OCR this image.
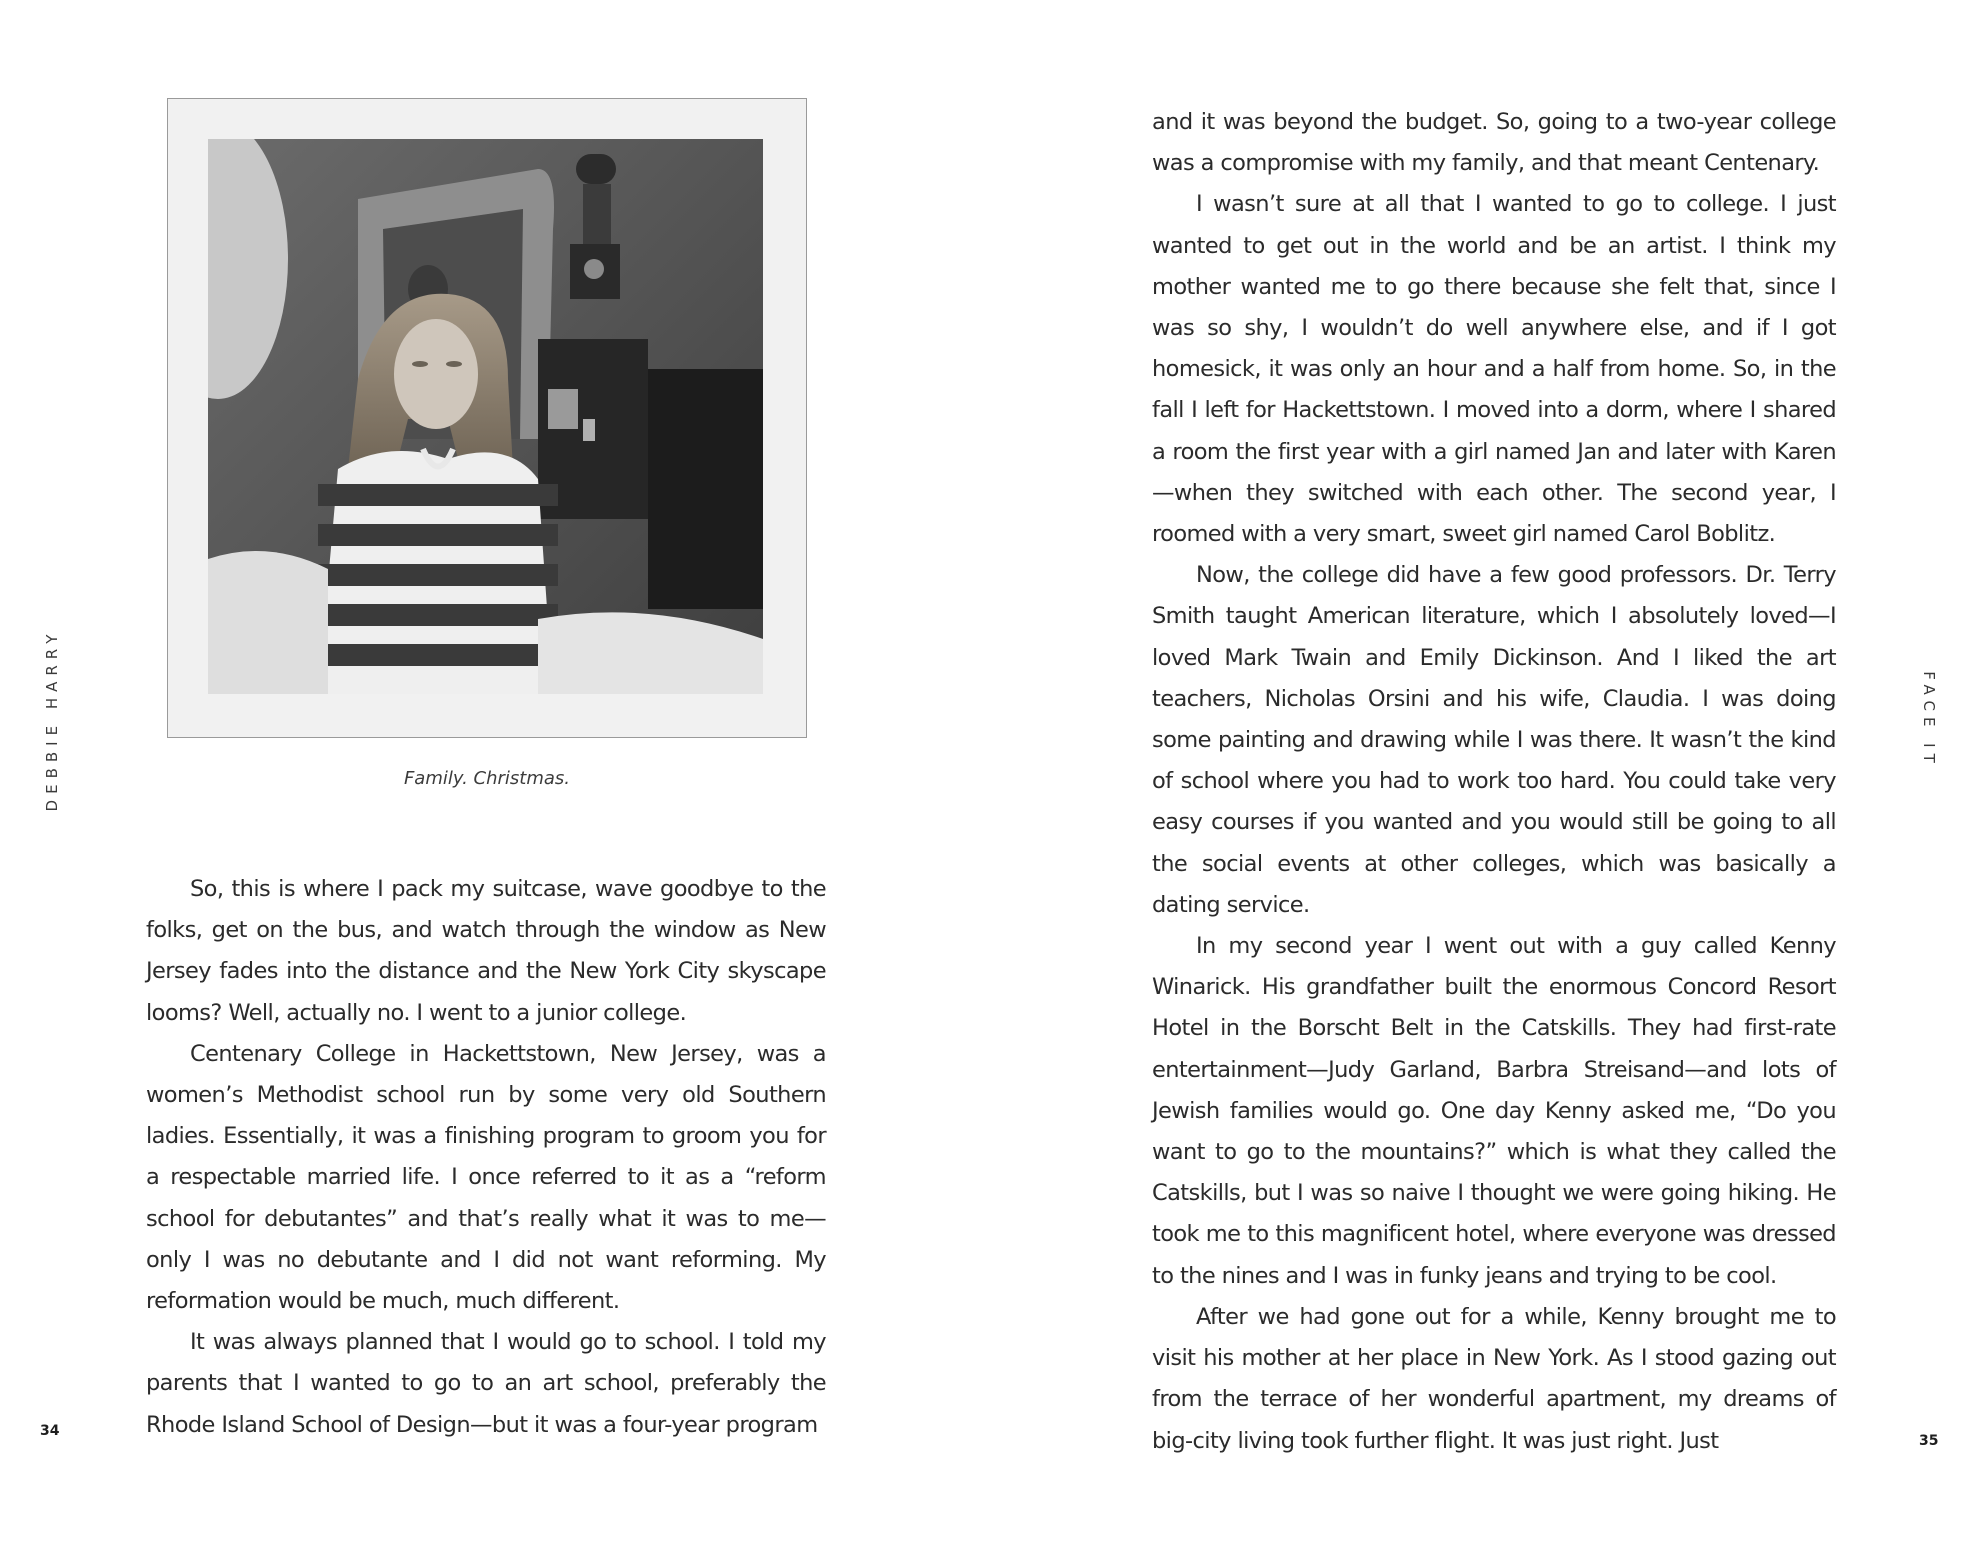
DEBBIE HARRY	Family. Christmas.

So, this is where I pack my suitcase, wave goodbye to the folks, get on the bus, and watch through the window as New Jersey fades into the distance and the New York City skyscape looms? Well, actually no. I went to a junior college.

Centenary College in Hackettstown, New Jersey, was a women’s Methodist school run by some very old Southern ladies. Essentially, it was a finishing program to groom you for a respectable married life. I once referred to it as a “reform school for debutantes” and that’s really what it was to me—only I was no debutante and I did not want reforming. My reformation would be much, much different.

It was always planned that I would go to school. I told my parents that I wanted to go to an art school, preferably the Rhode Island School of Design—but it was a four-year program

34
FACE IT
35

and it was beyond the budget. So, going to a two-year college was a compromise with my family, and that meant Centenary.

I wasn’t sure at all that I wanted to go to college. I just wanted to get out in the world and be an artist. I think my mother wanted me to go there because she felt that, since I was so shy, I wouldn’t do well anywhere else, and if I got homesick, it was only an hour and a half from home. So, in the fall I left for Hackettstown. I moved into a dorm, where I shared a room the first year with a girl named Jan and later with Karen—when they switched with each other. The second year, I roomed with a very smart, sweet girl named Carol Boblitz.

Now, the college did have a few good professors. Dr. Terry Smith taught American literature, which I absolutely loved—I loved Mark Twain and Emily Dickinson. And I liked the art teachers, Nicholas Orsini and his wife, Claudia. I was doing some painting and drawing while I was there. It wasn’t the kind of school where you had to work too hard. You could take very easy courses if you wanted and you would still be going to all the social events at other colleges, which was basically a dating service.

In my second year I went out with a guy called Kenny Winarick. His grandfather built the enormous Concord Resort Hotel in the Borscht Belt in the Catskills. They had first-rate entertainment—Judy Garland, Barbra Streisand—and lots of Jewish families would go. One day Kenny asked me, “Do you want to go to the mountains?” which is what they called the Catskills, but I was so naive I thought we were going hiking. He took me to this magnificent hotel, where everyone was dressed to the nines and I was in funky jeans and trying to be cool.

After we had gone out for a while, Kenny brought me to visit his mother at her place in New York. As I stood gazing out from the terrace of her wonderful apartment, my dreams of big-city living took further flight. It was just right. Just
